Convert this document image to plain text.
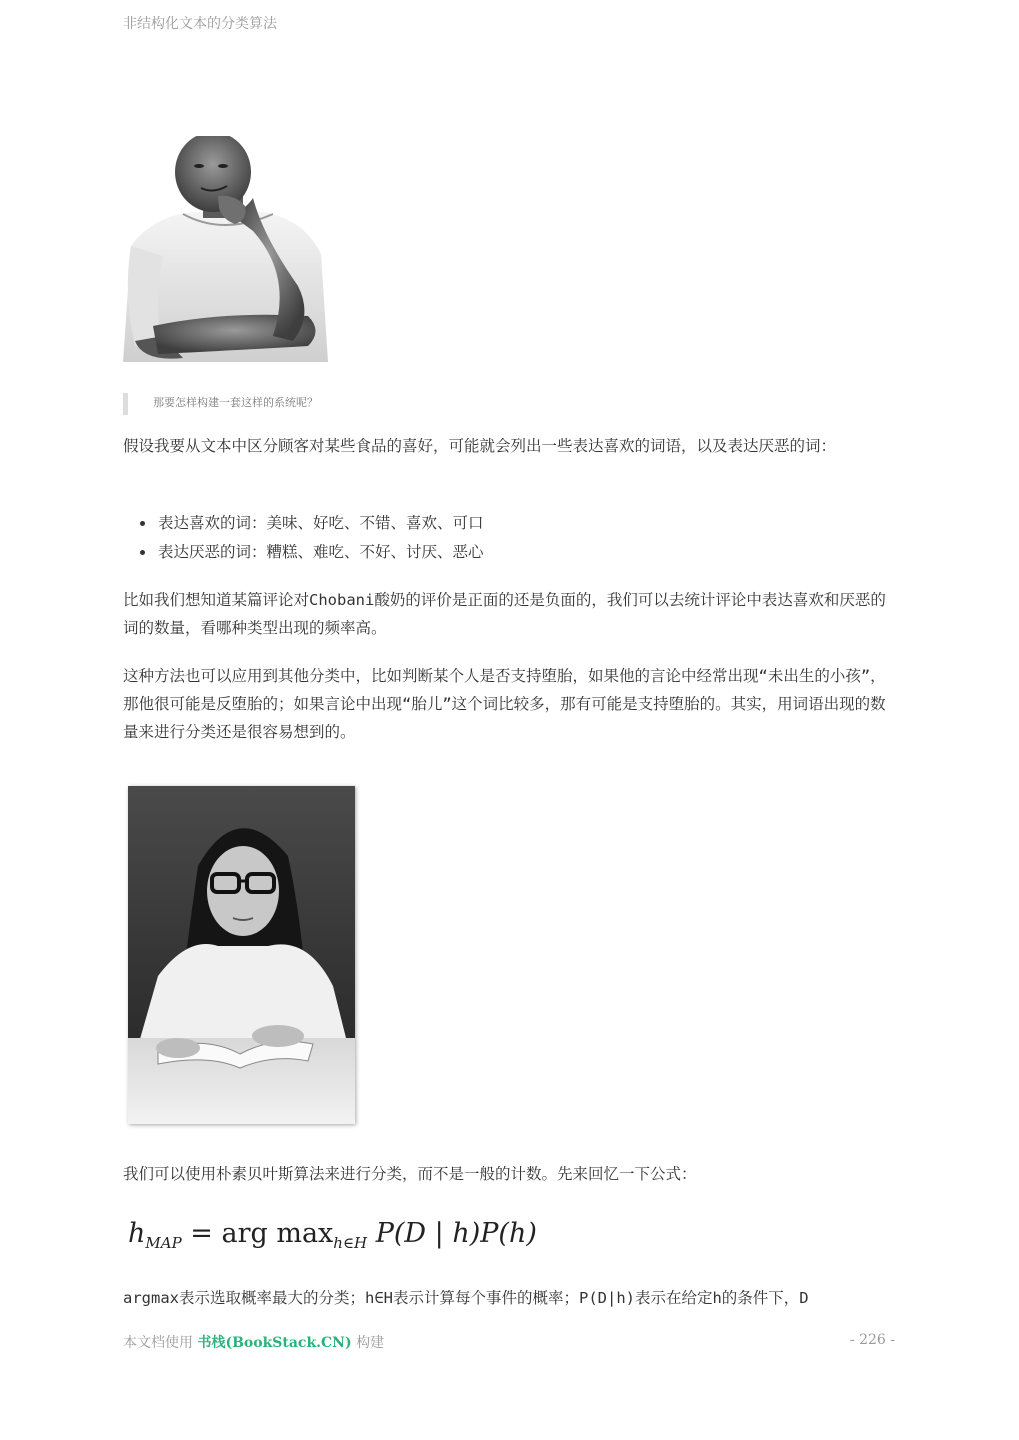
非结构化文本的分类算法
那要怎样构建一套这样的系统呢？

假设我要从文本中区分顾客对某些食品的喜好，可能就会列出一些表达喜欢的词语，以及表达厌恶的词：

表达喜欢的词：美味、好吃、不错、喜欢、可口
表达厌恶的词：糟糕、难吃、不好、讨厌、恶心

比如我们想知道某篇评论对Chobani酸奶的评价是正面的还是负面的，我们可以去统计评论中表达喜欢和厌恶的词的数量，看哪种类型出现的频率高。

这种方法也可以应用到其他分类中，比如判断某个人是否支持堕胎，如果他的言论中经常出现“未出生的小孩”，那他很可能是反堕胎的；如果言论中出现“胎儿”这个词比较多，那有可能是支持堕胎的。其实，用词语出现的数量来进行分类还是很容易想到的。

我们可以使用朴素贝叶斯算法来进行分类，而不是一般的计数。先来回忆一下公式：

$h_{MAP}$ = arg $\max_{h\in H} P(D$ | h)P(h)

argmax表示选取概率最大的分类；h∈H表示计算每个事件的概率；P(D|h)表示在给定h的条件下，D

本文档使用 书栈(BookStack.CN) 构建	- 226 -
